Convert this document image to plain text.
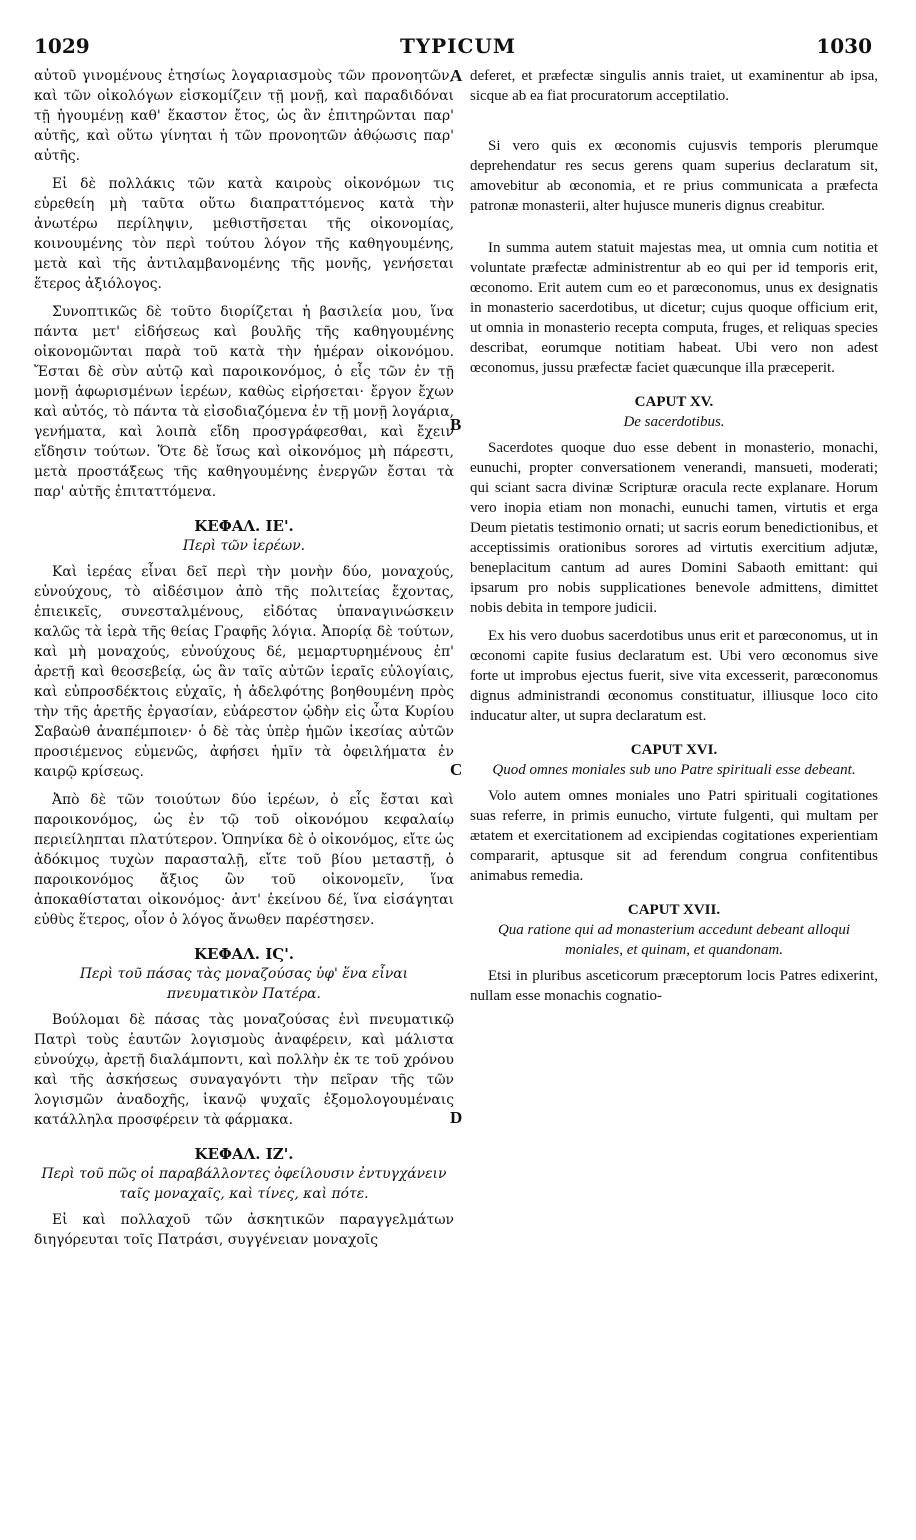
1029	TYPICUM	1030
A
B
C
D

αὐτοῦ γινομένους ἐτησίως λογαριασμοὺς τῶν προνοητῶν, καὶ τῶν οἰκολόγων εἰσκομίζειν τῇ μονῇ, καὶ παραδιδόναι τῇ ἡγουμένῃ καθ' ἕκαστον ἔτος, ὡς ἂν ἐπιτηρῶνται παρ' αὐτῆς, καὶ οὕτω γίνηται ἡ τῶν προνοητῶν ἀθῴωσις παρ' αὐτῆς.

Εἰ δὲ πολλάκις τῶν κατὰ καιροὺς οἰκονόμων τις εὑρεθείη μὴ ταῦτα οὕτω διαπραττόμενος κατὰ τὴν ἀνωτέρω περίληψιν, μεθιστῆσεται τῆς οἰκονομίας, κοινουμένης τὸν περὶ τούτου λόγον τῆς καθηγουμένης, μετὰ καὶ τῆς ἀντιλαμβανομένης τῆς μονῆς, γενήσεται ἕτερος ἀξιόλογος.

Συνοπτικῶς δὲ τοῦτο διορίζεται ἡ βασιλεία μου, ἵνα πάντα μετ' εἰδήσεως καὶ βουλῆς τῆς καθηγουμένης οἰκονομῶνται παρὰ τοῦ κατὰ τὴν ἡμέραν οἰκονόμου. Ἔσται δὲ σὺν αὐτῷ καὶ παροικονόμος, ὁ εἷς τῶν ἐν τῇ μονῇ ἀφωρισμένων ἱερέων, καθὼς εἰρήσεται· ἔργον ἔχων καὶ αὐτός, τὸ πάντα τὰ εἰσοδιαζόμενα ἐν τῇ μονῇ λογάρια, γενήματα, καὶ λοιπὰ εἴδη προσγράφεσθαι, καὶ ἔχειν εἴδησιν τούτων. Ὅτε δὲ ἴσως καὶ οἰκονόμος μὴ πάρεστι, μετὰ προστάξεως τῆς καθηγουμένης ἐνεργῶν ἔσται τὰ παρ' αὐτῆς ἐπιταττόμενα.

ΚΕΦΑΛ. ΙΕ'.
Περὶ τῶν ἱερέων.

Καὶ ἱερέας εἶναι δεῖ περὶ τὴν μονὴν δύο, μοναχούς, εὐνούχους, τὸ αἰδέσιμον ἀπὸ τῆς πολιτείας ἔχοντας, ἐπιεικεῖς, συνεσταλμένους, εἰδότας ὑπαναγινώσκειν καλῶς τὰ ἱερὰ τῆς θείας Γραφῆς λόγια. Ἀπορίᾳ δὲ τούτων, καὶ μὴ μοναχούς, εὐνούχους δέ, μεμαρτυρημένους ἐπ' ἀρετῇ καὶ θεοσεβείᾳ, ὡς ἂν ταῖς αὐτῶν ἱεραῖς εὐλογίαις, καὶ εὐπροσδέκτοις εὐχαῖς, ἡ ἀδελφότης βοηθουμένη πρὸς τὴν τῆς ἀρετῆς ἐργασίαν, εὐάρεστον ᾠδὴν εἰς ὦτα Κυρίου Σαβαὼθ ἀναπέμποιεν· ὁ δὲ τὰς ὑπὲρ ἡμῶν ἱκεσίας αὐτῶν προσιέμενος εὐμενῶς, ἀφήσει ἡμῖν τὰ ὀφειλήματα ἐν καιρῷ κρίσεως.

Ἀπὸ δὲ τῶν τοιούτων δύο ἱερέων, ὁ εἷς ἔσται καὶ παροικονόμος, ὡς ἐν τῷ τοῦ οἰκονόμου κεφαλαίῳ περιείληπται πλατύτερον. Ὁπηνίκα δὲ ὁ οἰκονόμος, εἴτε ὡς ἀδόκιμος τυχὼν παρασταλῇ, εἴτε τοῦ βίου μεταστῇ, ὁ παροικονόμος ἄξιος ὢν τοῦ οἰκονομεῖν, ἵνα ἀποκαθίσταται οἰκονόμος· ἀντ' ἐκείνου δέ, ἵνα εἰσάγηται εὐθὺς ἕτερος, οἷον ὁ λόγος ἄνωθεν παρέστησεν.

ΚΕΦΑΛ. ΙϚ'.
Περὶ τοῦ πάσας τὰς μοναζούσας ὑφ' ἕνα εἶναι πνευματικὸν Πατέρα.

Βούλομαι δὲ πάσας τὰς μοναζούσας ἑνὶ πνευματικῷ Πατρὶ τοὺς ἑαυτῶν λογισμοὺς ἀναφέρειν, καὶ μάλιστα εὐνούχῳ, ἀρετῇ διαλάμποντι, καὶ πολλὴν ἐκ τε τοῦ χρόνου καὶ τῆς ἀσκήσεως συναγαγόντι τὴν πεῖραν τῆς τῶν λογισμῶν ἀναδοχῆς, ἱκανῷ ψυχαῖς ἐξομολογουμέναις κατάλληλα προσφέρειν τὰ φάρμακα.

ΚΕΦΑΛ. ΙΖ'.
Περὶ τοῦ πῶς οἱ παραβάλλοντες ὀφείλουσιν ἐντυγχάνειν ταῖς μοναχαῖς, καὶ τίνες, καὶ πότε.

Εἰ καὶ πολλαχοῦ τῶν ἀσκητικῶν παραγγελμάτων διηγόρευται τοῖς Πατράσι, συγγένειαν μοναχοῖς

deferet, et præfectæ singulis annis traiet, ut examinentur ab ipsa, sicque ab ea fiat procuratorum acceptilatio.

Si vero quis ex œconomis cujusvis temporis plerumque deprehendatur res secus gerens quam superius declaratum sit, amovebitur ab œconomia, et re prius communicata a præfecta patronæ monasterii, alter hujusce muneris dignus creabitur.

In summa autem statuit majestas mea, ut omnia cum notitia et voluntate præfectæ administrentur ab eo qui per id temporis erit, œconomo. Erit autem cum eo et parœconomus, unus ex designatis in monasterio sacerdotibus, ut dicetur; cujus quoque officium erit, ut omnia in monasterio recepta computa, fruges, et reliquas species describat, eorumque notitiam habeat. Ubi vero non adest œconomus, jussu præfectæ faciet quæcunque illa præceperit.

CAPUT XV.
De sacerdotibus.

Sacerdotes quoque duo esse debent in monasterio, monachi, eunuchi, propter conversationem venerandi, mansueti, moderati; qui sciant sacra divinæ Scripturæ oracula recte explanare. Horum vero inopia etiam non monachi, eunuchi tamen, virtutis et erga Deum pietatis testimonio ornati; ut sacris eorum benedictionibus, et acceptissimis orationibus sorores ad virtutis exercitium adjutæ, beneplacitum cantum ad aures Domini Sabaoth emittant: qui ipsarum pro nobis supplicationes benevole admittens, dimittet nobis debita in tempore judicii.

Ex his vero duobus sacerdotibus unus erit et parœconomus, ut in œconomi capite fusius declaratum est. Ubi vero œconomus sive forte ut improbus ejectus fuerit, sive vita excesserit, parœconomus dignus administrandi œconomus constituatur, illiusque loco cito inducatur alter, ut supra declaratum est.

CAPUT XVI.
Quod omnes moniales sub uno Patre spirituali esse debeant.

Volo autem omnes moniales uno Patri spirituali cogitationes suas referre, in primis eunucho, virtute fulgenti, qui multam per ætatem et exercitationem ad excipiendas cogitationes experientiam compararit, aptusque sit ad ferendum congrua confitentibus animabus remedia.

CAPUT XVII.
Qua ratione qui ad monasterium accedunt debeant alloqui moniales, et quinam, et quandonam.

Etsi in pluribus asceticorum præceptorum locis Patres edixerint, nullam esse monachis cognatio-
